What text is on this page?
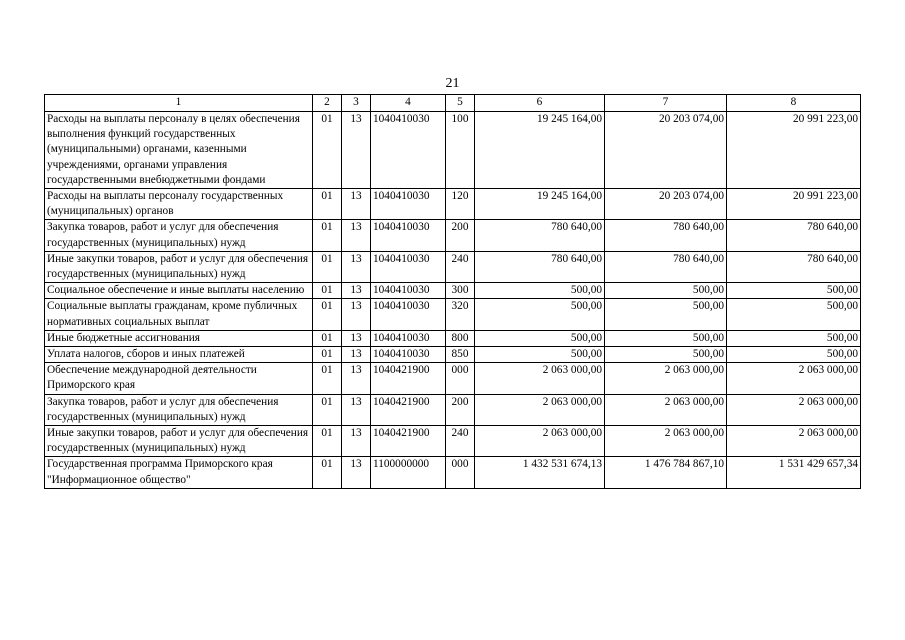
21
1	2	3	4	5	6	7	8
Расходы на выплаты персоналу в целях обеспечения выполнения функций государственных (муниципальными) органами, казенными учреждениями, органами управления государственными внебюджетными фондами	01	13	1040410030	100	19 245 164,00	20 203 074,00	20 991 223,00
Расходы на выплаты персоналу государственных (муниципальных) органов	01	13	1040410030	120	19 245 164,00	20 203 074,00	20 991 223,00
Закупка товаров, работ и услуг для обеспечения государственных (муниципальных) нужд	01	13	1040410030	200	780 640,00	780 640,00	780 640,00
Иные закупки товаров, работ и услуг для обеспечения государственных (муниципальных) нужд	01	13	1040410030	240	780 640,00	780 640,00	780 640,00
Социальное обеспечение и иные выплаты населению	01	13	1040410030	300	500,00	500,00	500,00
Социальные выплаты гражданам, кроме публичных нормативных социальных выплат	01	13	1040410030	320	500,00	500,00	500,00
Иные бюджетные ассигнования	01	13	1040410030	800	500,00	500,00	500,00
Уплата налогов, сборов и иных платежей	01	13	1040410030	850	500,00	500,00	500,00
Обеспечение международной деятельности Приморского края	01	13	1040421900	000	2 063 000,00	2 063 000,00	2 063 000,00
Закупка товаров, работ и услуг для обеспечения государственных (муниципальных) нужд	01	13	1040421900	200	2 063 000,00	2 063 000,00	2 063 000,00
Иные закупки товаров, работ и услуг для обеспечения государственных (муниципальных) нужд	01	13	1040421900	240	2 063 000,00	2 063 000,00	2 063 000,00
Государственная программа Приморского края "Информационное общество"	01	13	1100000000	000	1 432 531 674,13	1 476 784 867,10	1 531 429 657,34
